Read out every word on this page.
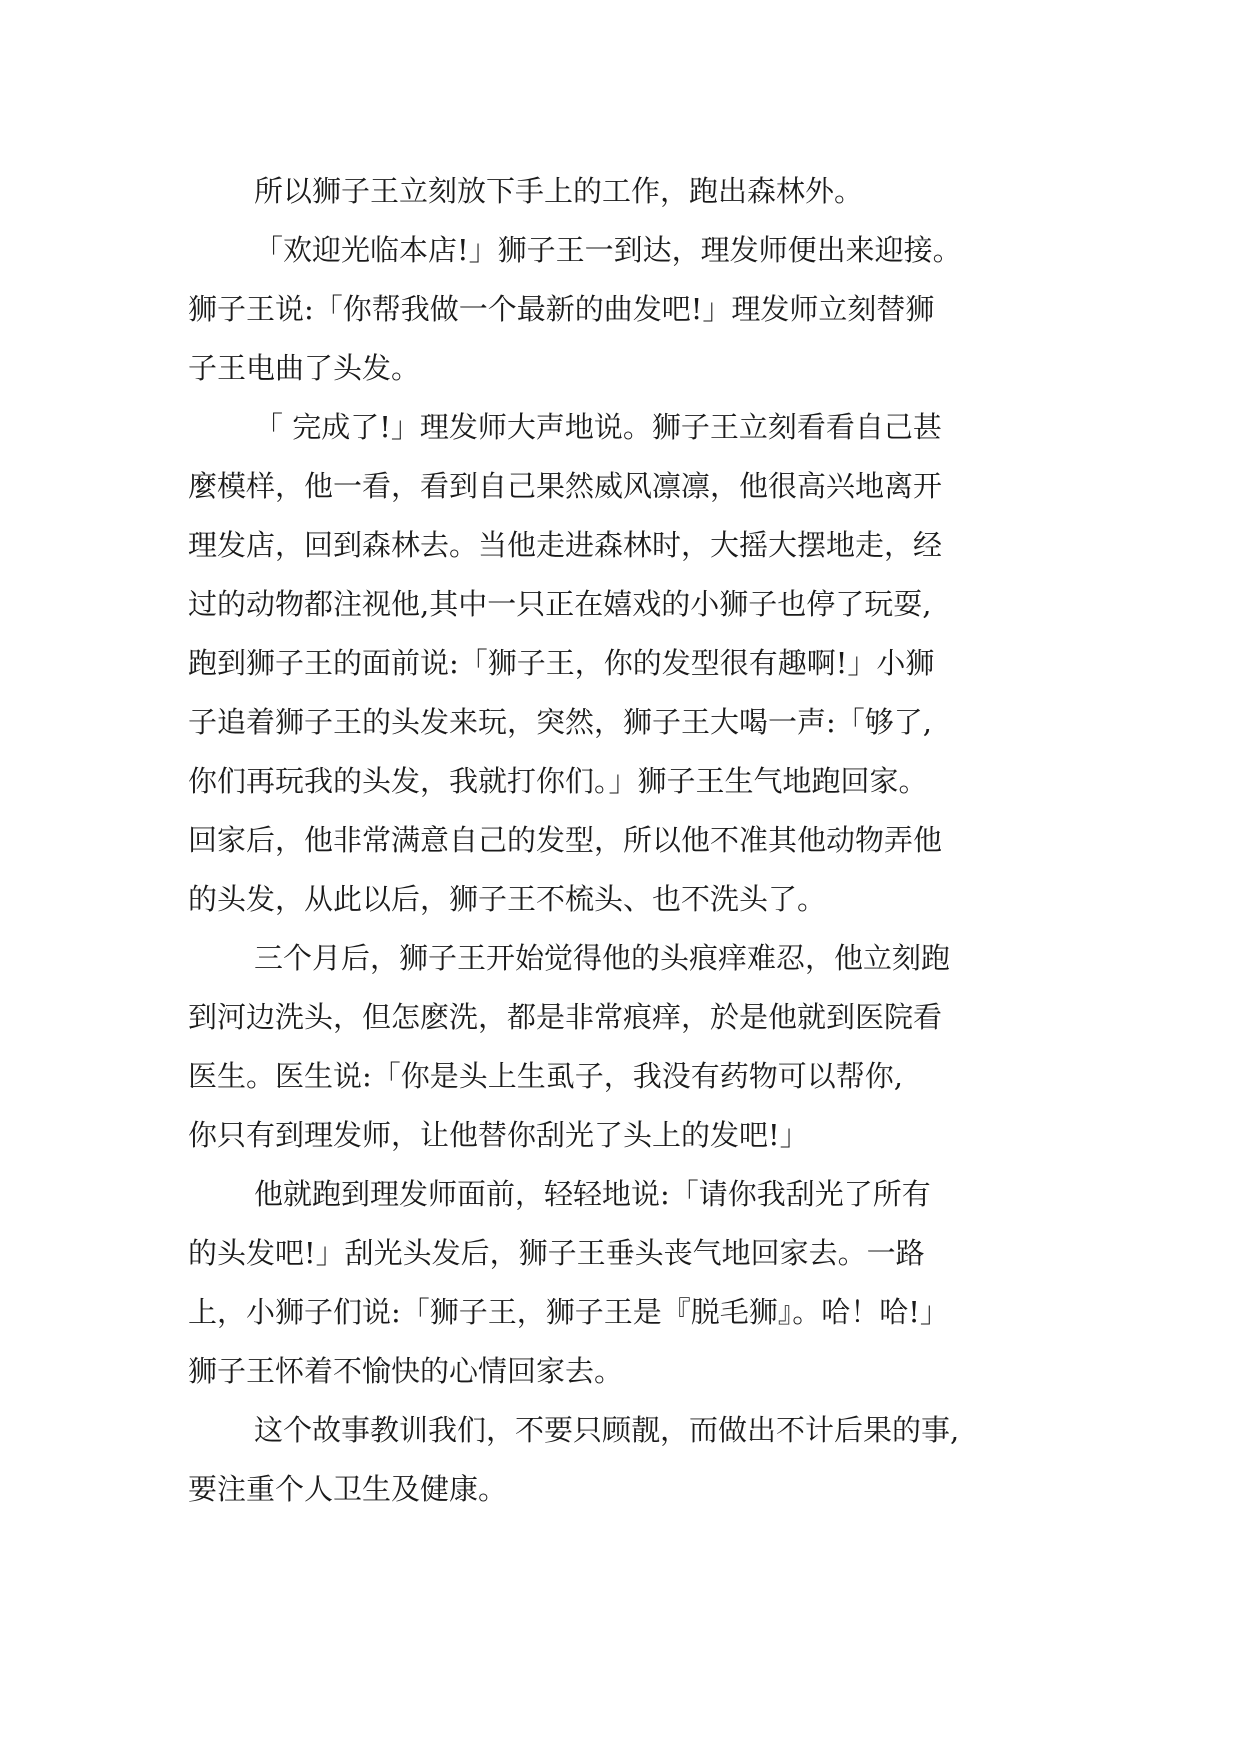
所以狮子王立刻放下手上的工作，跑出森林外。
「欢迎光临本店!」狮子王一到达，理发师便出来迎接。
狮子王说:「你帮我做一个最新的曲发吧!」理发师立刻替狮
子王电曲了头发。
「 完成了!」理发师大声地说。狮子王立刻看看自己甚
麼模样，他一看，看到自己果然威风凛凛，他很高兴地离开
理发店，回到森林去。当他走进森林时，大摇大摆地走，经
过的动物都注视他,其中一只正在嬉戏的小狮子也停了玩耍,
跑到狮子王的面前说:「狮子王，你的发型很有趣啊!」小狮
子追着狮子王的头发来玩，突然，狮子王大喝一声:「够了,
你们再玩我的头发，我就打你们。」狮子王生气地跑回家。
回家后，他非常满意自己的发型，所以他不准其他动物弄他
的头发，从此以后，狮子王不梳头、也不洗头了。
三个月后，狮子王开始觉得他的头痕痒难忍，他立刻跑
到河边洗头，但怎麽洗，都是非常痕痒，於是他就到医院看
医生。医生说:「你是头上生虱子，我没有药物可以帮你,
你只有到理发师，让他替你刮光了头上的发吧!」
他就跑到理发师面前，轻轻地说:「请你我刮光了所有
的头发吧!」刮光头发后，狮子王垂头丧气地回家去。一路
上，小狮子们说:「狮子王，狮子王是『脱毛狮』。哈！哈!」
狮子王怀着不愉快的心情回家去。
这个故事教训我们，不要只顾靓，而做出不计后果的事,
要注重个人卫生及健康。
